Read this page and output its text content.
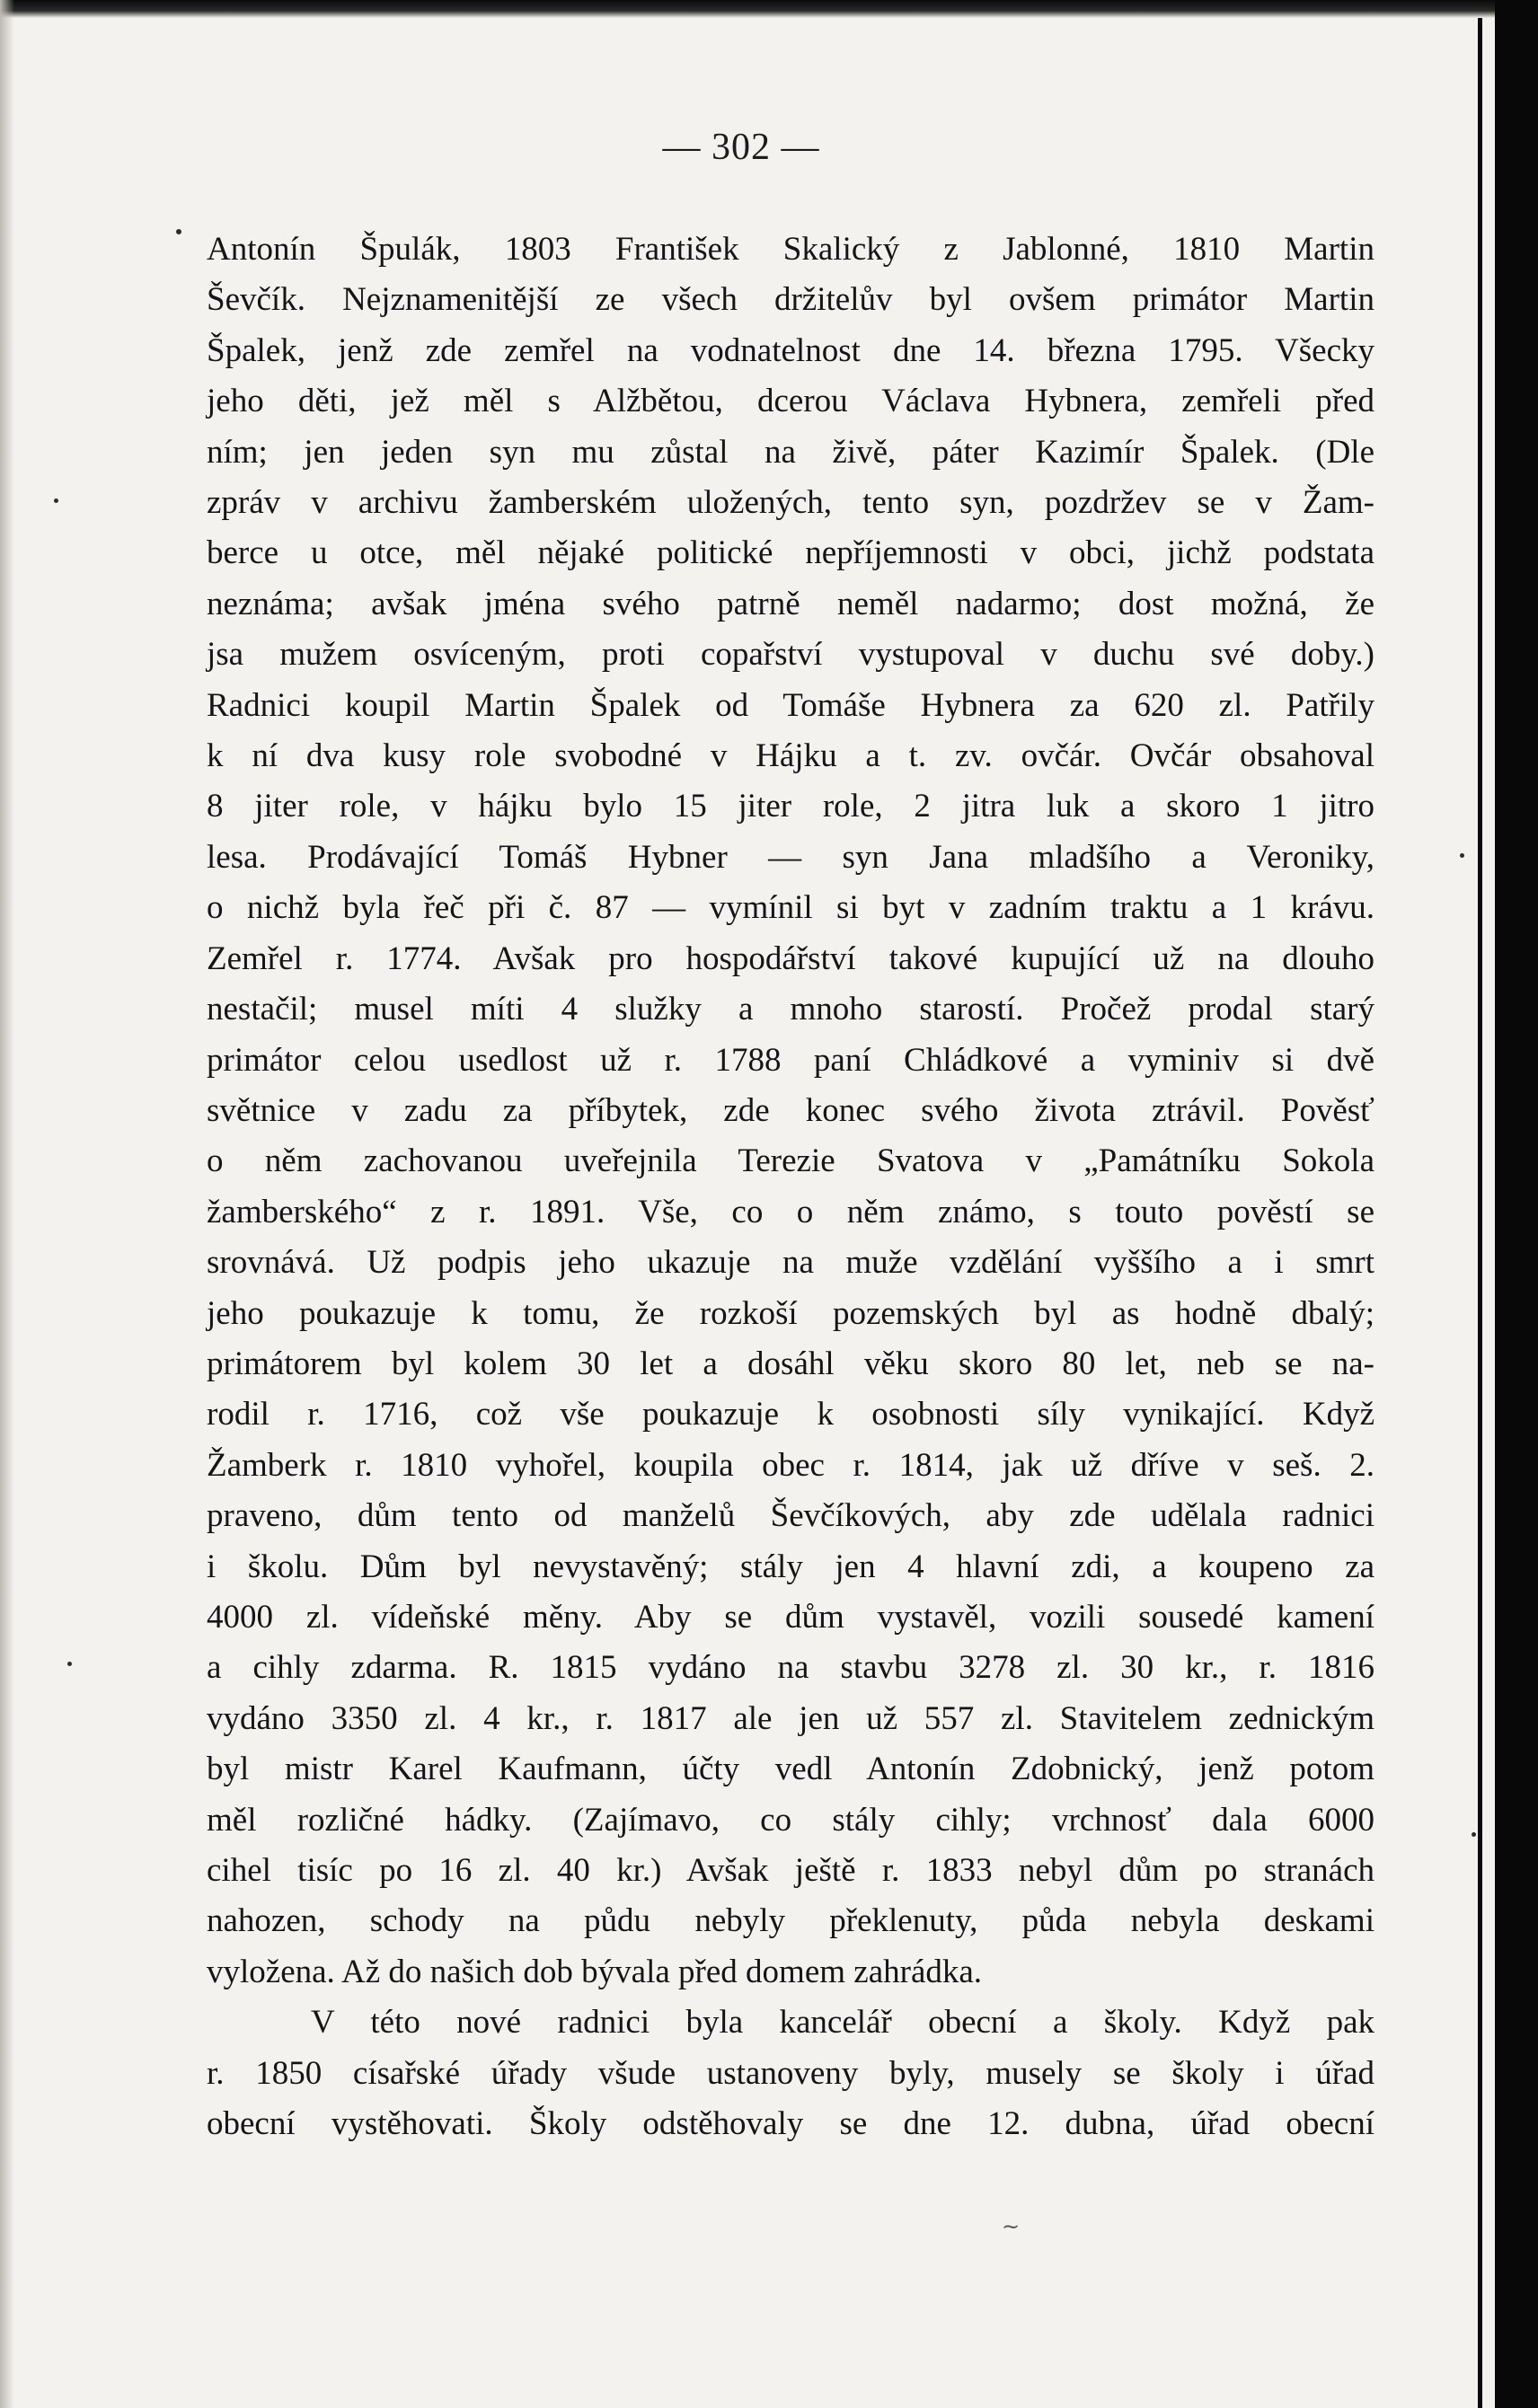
— 302 —
Antonín Špulák, 1803 František Skalický z Jablonné, 1810 Martin
Ševčík. Nejznamenitější ze všech držitelův byl ovšem primátor Martin
Špalek, jenž zde zemřel na vodnatelnost dne 14. března 1795. Všecky
jeho děti, jež měl s Alžbětou, dcerou Václava Hybnera, zemřeli před
ním; jen jeden syn mu zůstal na živě, páter Kazimír Špalek. (Dle
zpráv v archivu žamberském uložených, tento syn, pozdržev se v Žam-
berce u otce, měl nějaké politické nepříjemnosti v obci, jichž podstata
neznáma; avšak jména svého patrně neměl nadarmo; dost možná, že
jsa mužem osvíceným, proti copařství vystupoval v duchu své doby.)
Radnici koupil Martin Špalek od Tomáše Hybnera za 620 zl. Patřily
k ní dva kusy role svobodné v Hájku a t. zv. ovčár. Ovčár obsahoval
8 jiter role, v hájku bylo 15 jiter role, 2 jitra luk a skoro 1 jitro
lesa. Prodávající Tomáš Hybner — syn Jana mladšího a Veroniky,
o nichž byla řeč při č. 87 — vymínil si byt v zadním traktu a 1 krávu.
Zemřel r. 1774. Avšak pro hospodářství takové kupující už na dlouho
nestačil; musel míti 4 služky a mnoho starostí. Pročež prodal starý
primátor celou usedlost už r. 1788 paní Chládkové a vyminiv si dvě
světnice v zadu za příbytek, zde konec svého života ztrávil. Pověsť
o něm zachovanou uveřejnila Terezie Svatova v „Památníku Sokola
žamberského“ z r. 1891. Vše, co o něm známo, s touto pověstí se
srovnává. Už podpis jeho ukazuje na muže vzdělání vyššího a i smrt
jeho poukazuje k tomu, že rozkoší pozemských byl as hodně dbalý;
primátorem byl kolem 30 let a dosáhl věku skoro 80 let, neb se na-
rodil r. 1716, což vše poukazuje k osobnosti síly vynikající. Když
Žamberk r. 1810 vyhořel, koupila obec r. 1814, jak už dříve v seš. 2.
praveno, dům tento od manželů Ševčíkových, aby zde udělala radnici
i školu. Dům byl nevystavěný; stály jen 4 hlavní zdi, a koupeno za
4000 zl. vídeňské měny. Aby se dům vystavěl, vozili sousedé kamení
a cihly zdarma. R. 1815 vydáno na stavbu 3278 zl. 30 kr., r. 1816
vydáno 3350 zl. 4 kr., r. 1817 ale jen už 557 zl. Stavitelem zednickým
byl mistr Karel Kaufmann, účty vedl Antonín Zdobnický, jenž potom
měl rozličné hádky. (Zajímavo, co stály cihly; vrchnosť dala 6000
cihel tisíc po 16 zl. 40 kr.) Avšak ještě r. 1833 nebyl dům po stranách
nahozen, schody na půdu nebyly překlenuty, půda nebyla deskami
vyložena. Až do našich dob bývala před domem zahrádka.
V této nové radnici byla kancelář obecní a školy. Když pak
r. 1850 císařské úřady všude ustanoveny byly, musely se školy i úřad
obecní vystěhovati. Školy odstěhovaly se dne 12. dubna, úřad obecní
~
